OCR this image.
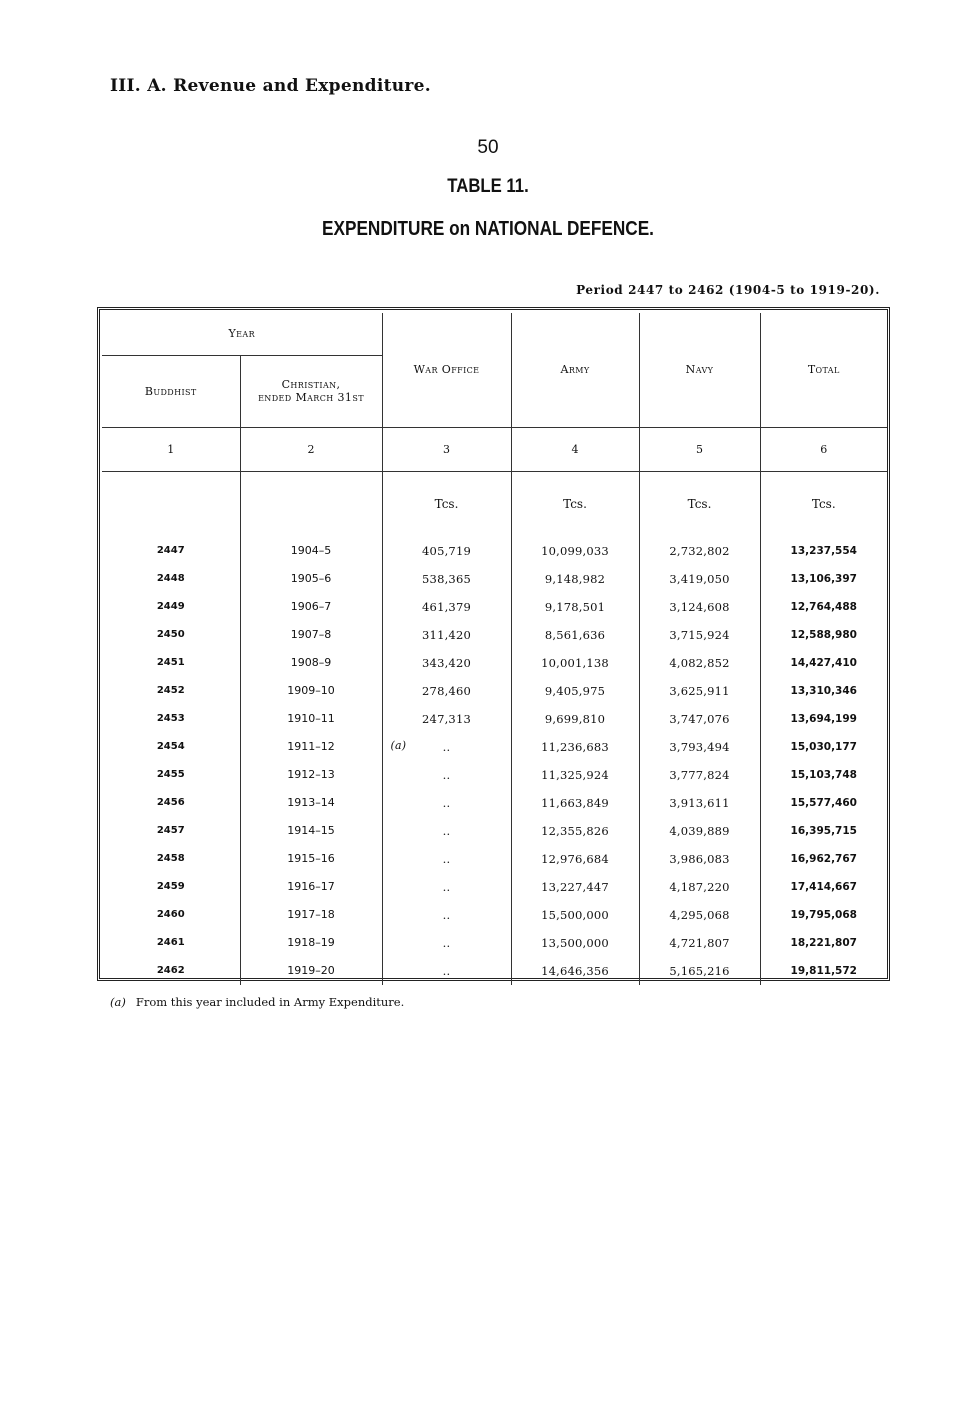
III. A. Revenue and Expenditure.
50
TABLE 11.
EXPENDITURE on NATIONAL DEFENCE.
Period 2447 to 2462 (1904-5 to 1919-20).
Year		War Office	Army	Navy	Total
Buddhist	Christian,
ended March 31st				
1	2	3	4	5	6
		Tcs.	Tcs.	Tcs.	Tcs.
2447	1904–5	405,719	10,099,033	2,732,802	13,237,554
2448	1905–6	538,365	9,148,982	3,419,050	13,106,397
2449	1906–7	461,379	9,178,501	3,124,608	12,764,488
2450	1907–8	311,420	8,561,636	3,715,924	12,588,980
2451	1908–9	343,420	10,001,138	4,082,852	14,427,410
2452	1909–10	278,460	9,405,975	3,625,911	13,310,346
2453	1910–11	247,313	9,699,810	3,747,076	13,694,199
2454	1911–12	(a) ..	11,236,683	3,793,494	15,030,177
2455	1912–13	..	11,325,924	3,777,824	15,103,748
2456	1913–14	..	11,663,849	3,913,611	15,577,460
2457	1914–15	..	12,355,826	4,039,889	16,395,715
2458	1915–16	..	12,976,684	3,986,083	16,962,767
2459	1916–17	..	13,227,447	4,187,220	17,414,667
2460	1917–18	..	15,500,000	4,295,068	19,795,068
2461	1918–19	..	13,500,000	4,721,807	18,221,807
2462	1919–20	..	14,646,356	5,165,216	19,811,572
(a) From this year included in Army Expenditure.
